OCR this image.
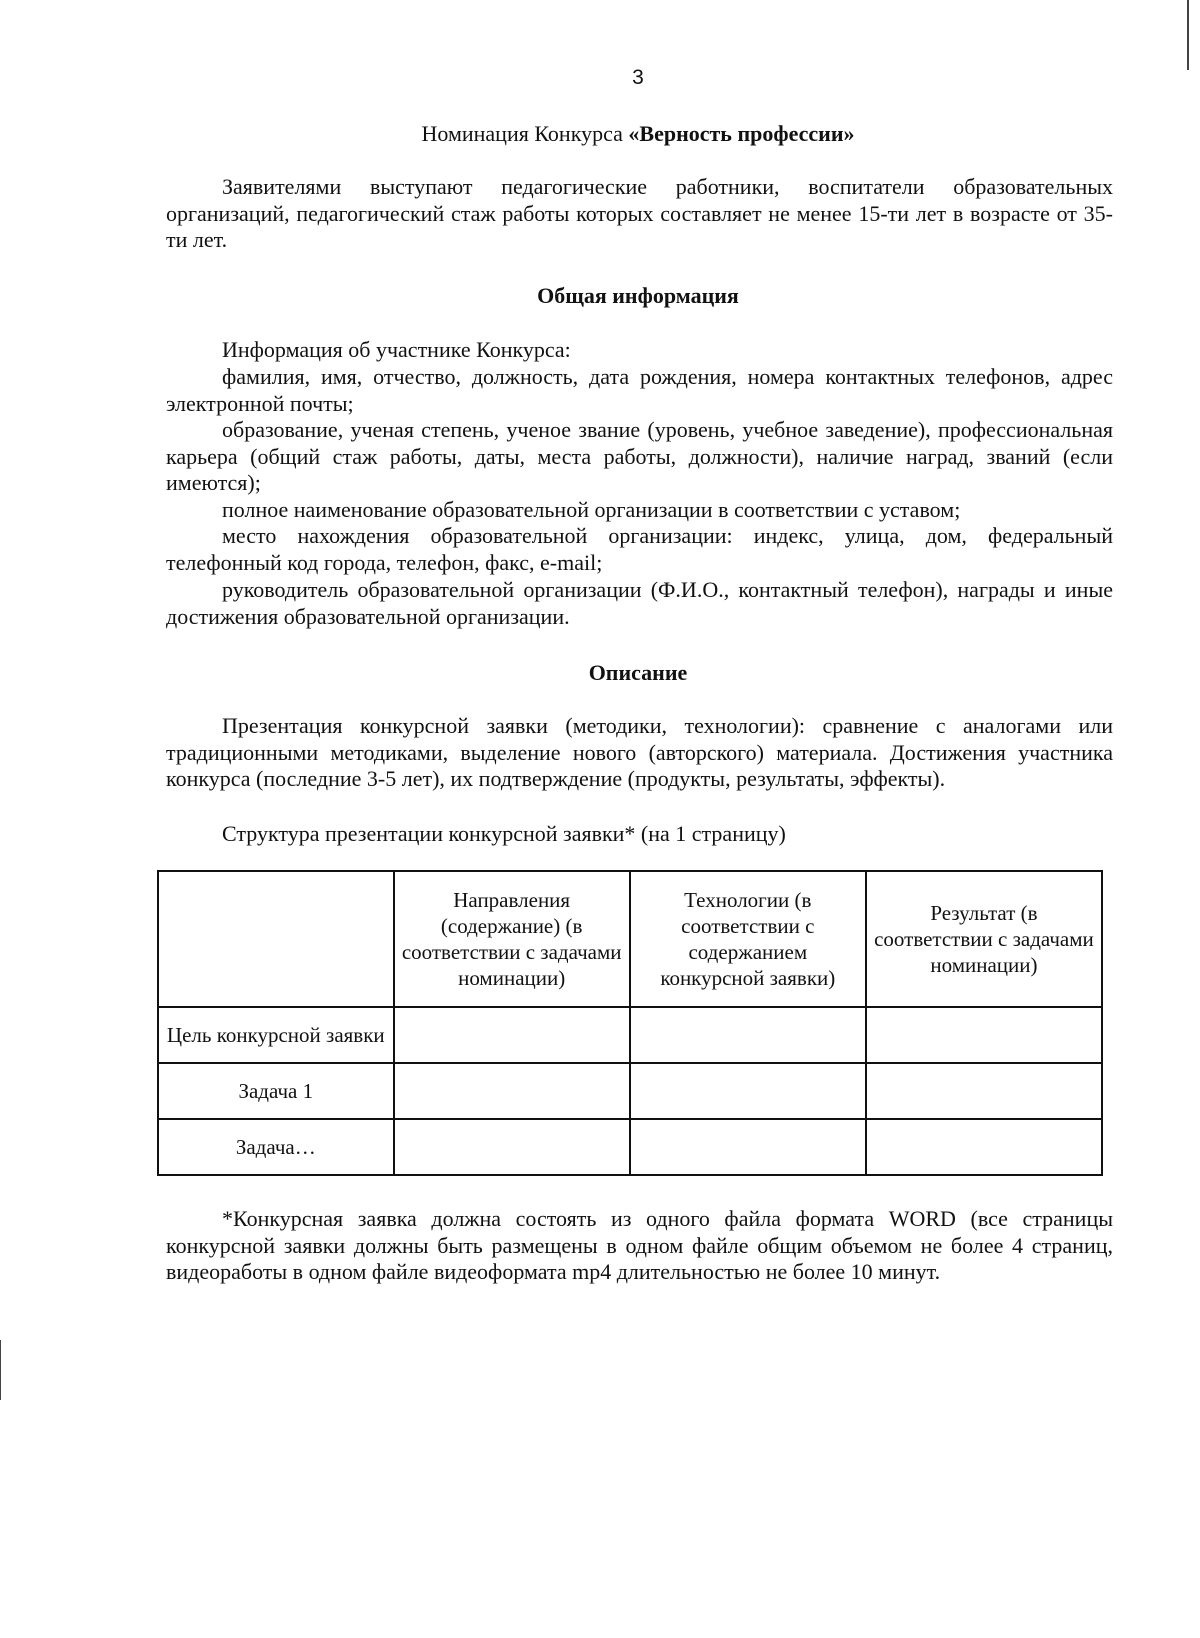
3
Номинация Конкурса «Верность профессии»
Заявителями выступают педагогические работники, воспитатели образовательных организаций, педагогический стаж работы которых составляет не менее 15-ти лет в возрасте от 35-ти лет.
Общая информация
Информация об участнике Конкурса:
фамилия, имя, отчество, должность, дата рождения, номера контактных телефонов, адрес электронной почты;
образование, ученая степень, ученое звание (уровень, учебное заведение), профессиональная карьера (общий стаж работы, даты, места работы, должности), наличие наград, званий (если имеются);
полное наименование образовательной организации в соответствии с уставом;
место нахождения образовательной организации: индекс, улица, дом, федеральный телефонный код города, телефон, факс, e-mail;
руководитель образовательной организации (Ф.И.О., контактный телефон), награды и иные достижения образовательной организации.
Описание
Презентация конкурсной заявки (методики, технологии): сравнение с аналогами или традиционными методиками, выделение нового (авторского) материала. Достижения участника конкурса (последние 3-5 лет), их подтверждение (продукты, результаты, эффекты).
Структура презентации конкурсной заявки* (на 1 страницу)
	Направления (содержание) (в соответствии с задачами номинации)	Технологии (в соответствии с содержанием конкурсной заявки)	Результат (в соответствии с задачами номинации)
Цель конкурсной заявки			
Задача 1			
Задача…			
*Конкурсная заявка должна состоять из одного файла формата WORD (все страницы конкурсной заявки должны быть размещены в одном файле общим объемом не более 4 страниц, видеоработы в одном файле видеоформата mp4 длительностью не более 10 минут.
